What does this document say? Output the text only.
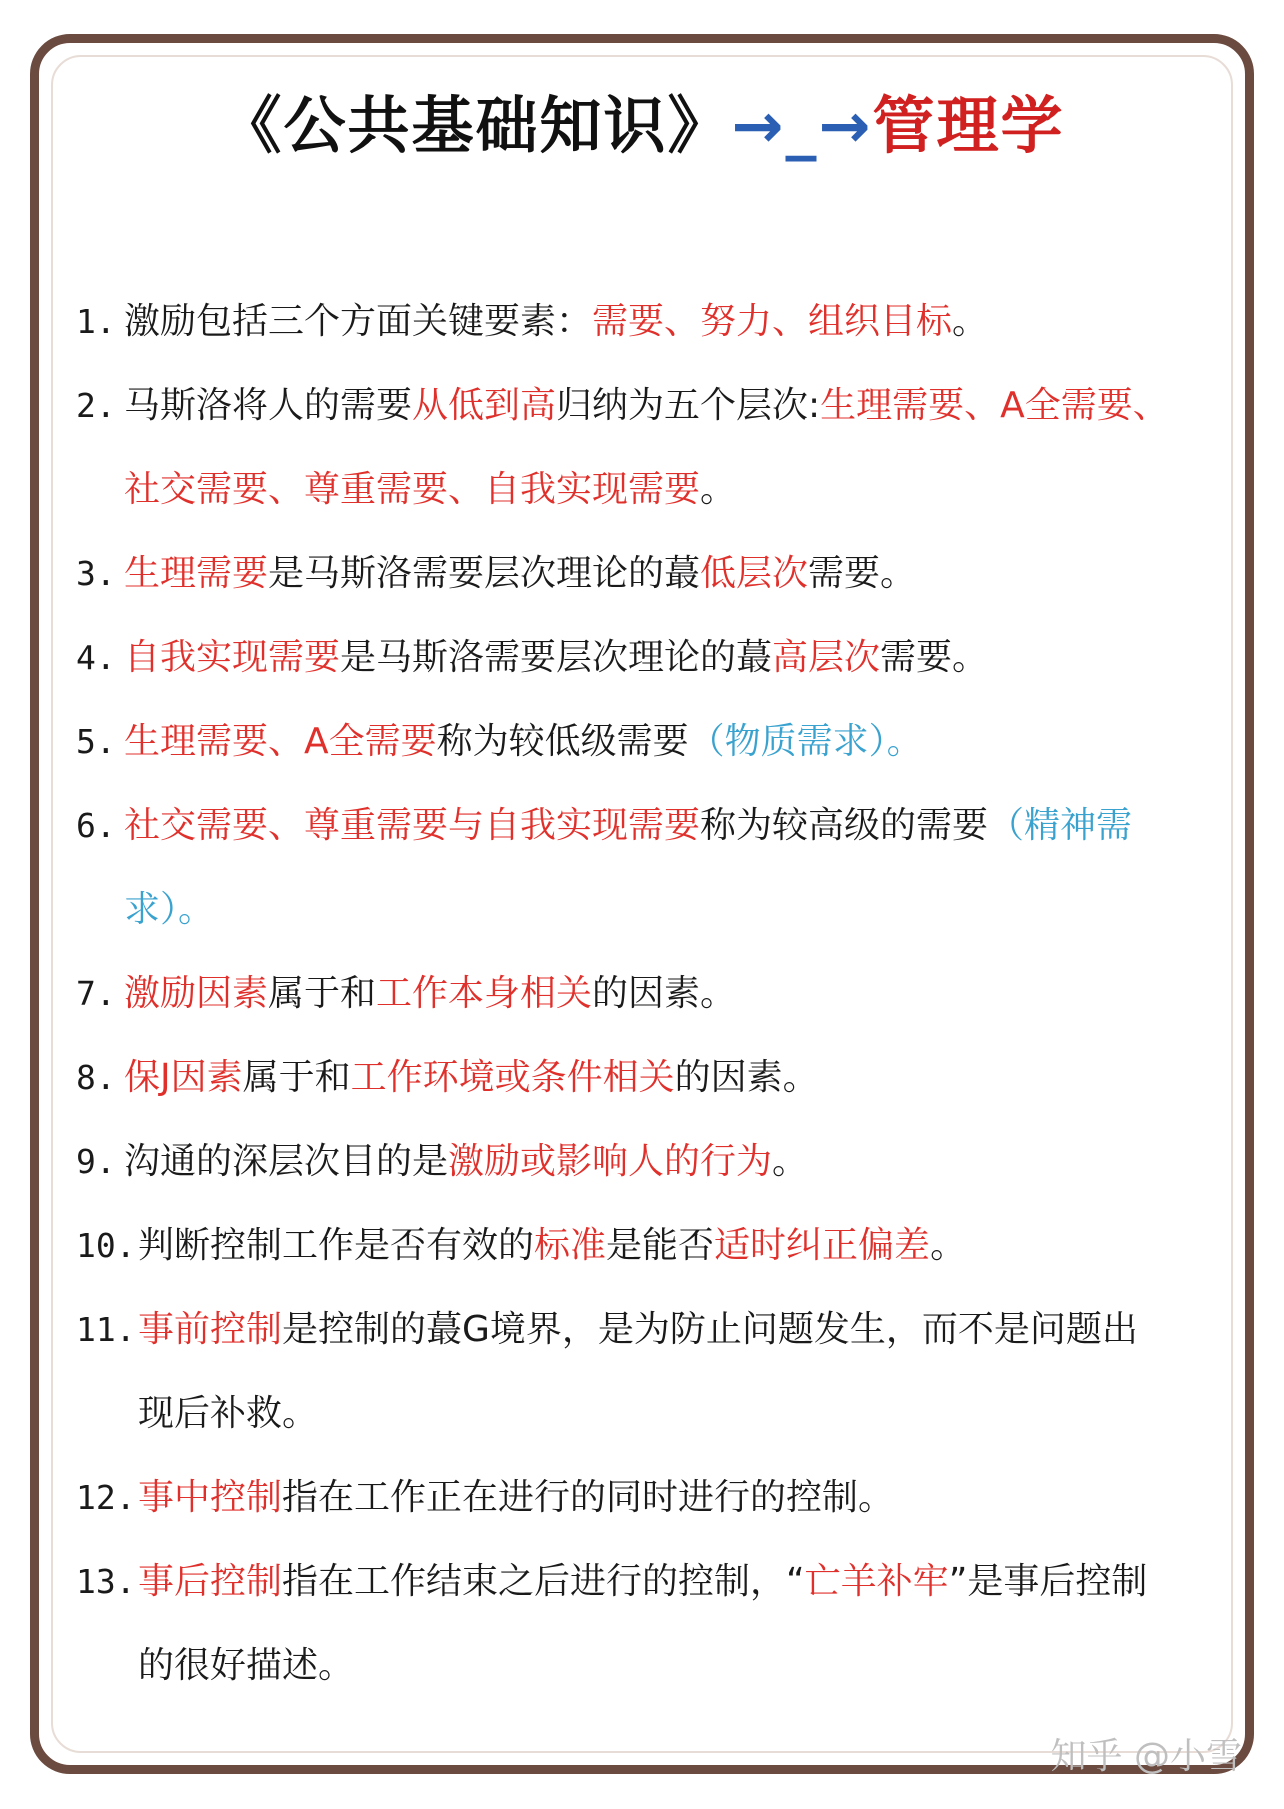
《公共基础知识》→_→管理学
1. 激励包括三个方面关键要素：需要、努力、组织目标。
2. 马斯洛将人的需要从低到高归纳为五个层次:生理需要、A全需要、
社交需要、尊重需要、自我实现需要。
3. 生理需要是马斯洛需要层次理论的蕞低层次需要。
4. 自我实现需要是马斯洛需要层次理论的蕞高层次需要。
5. 生理需要、A全需要称为较低级需要（物质需求）。
6. 社交需要、尊重需要与自我实现需要称为较高级的需要（精神需
求）。
7. 激励因素属于和工作本身相关的因素。
8. 保J因素属于和工作环境或条件相关的因素。
9. 沟通的深层次目的是激励或影响人的行为。
10. 判断控制工作是否有效的标准是能否适时纠正偏差。
11. 事前控制是控制的蕞G境界，是为防止问题发生，而不是问题出
现后补救。
12. 事中控制指在工作正在进行的同时进行的控制。
13. 事后控制指在工作结束之后进行的控制，“亡羊补牢”是事后控制
的很好描述。
知乎 @小雪
